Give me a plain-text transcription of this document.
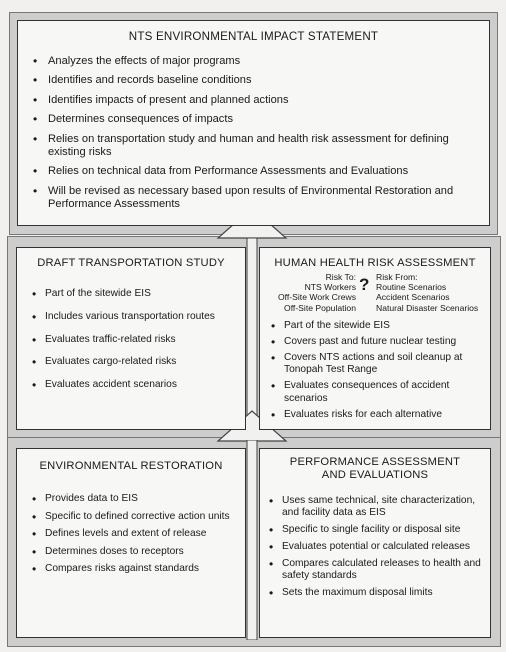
NTS ENVIRONMENTAL IMPACT STATEMENT
• Analyzes the effects of major programs
• Identifies and records baseline conditions
• Identifies impacts of present and planned actions
• Determines consequences of impacts
• Relies on transportation study and human and health risk assessment for defining existing risks
• Relies on technical data from Performance Assessments and Evaluations
• Will be revised as necessary based upon results of Environmental Restoration and Performance Assessments
DRAFT TRANSPORTATION STUDY
• Part of the sitewide EIS
• Includes various transportation routes
• Evaluates traffic-related risks
• Evaluates cargo-related risks
• Evaluates accident scenarios
HUMAN HEALTH RISK ASSESSMENT
Risk To:
NTS Workers
Off-Site Work Crews
Off-Site Population
? Risk From:
Routine Scenarios
Accident Scenarios
Natural Disaster Scenarios
• Part of the sitewide EIS
• Covers past and future nuclear testing
• Covers NTS actions and soil cleanup at Tonopah Test Range
• Evaluates consequences of accident scenarios
• Evaluates risks for each alternative
ENVIRONMENTAL RESTORATION
• Provides data to EIS
• Specific to defined corrective action units
• Defines levels and extent of release
• Determines doses to receptors
• Compares risks against standards
PERFORMANCE ASSESSMENT
AND EVALUATIONS
• Uses same technical, site characterization, and facility data as EIS
• Specific to single facility or disposal site
• Evaluates potential or calculated releases
• Compares calculated releases to health and safety standards
• Sets the maximum disposal limits
